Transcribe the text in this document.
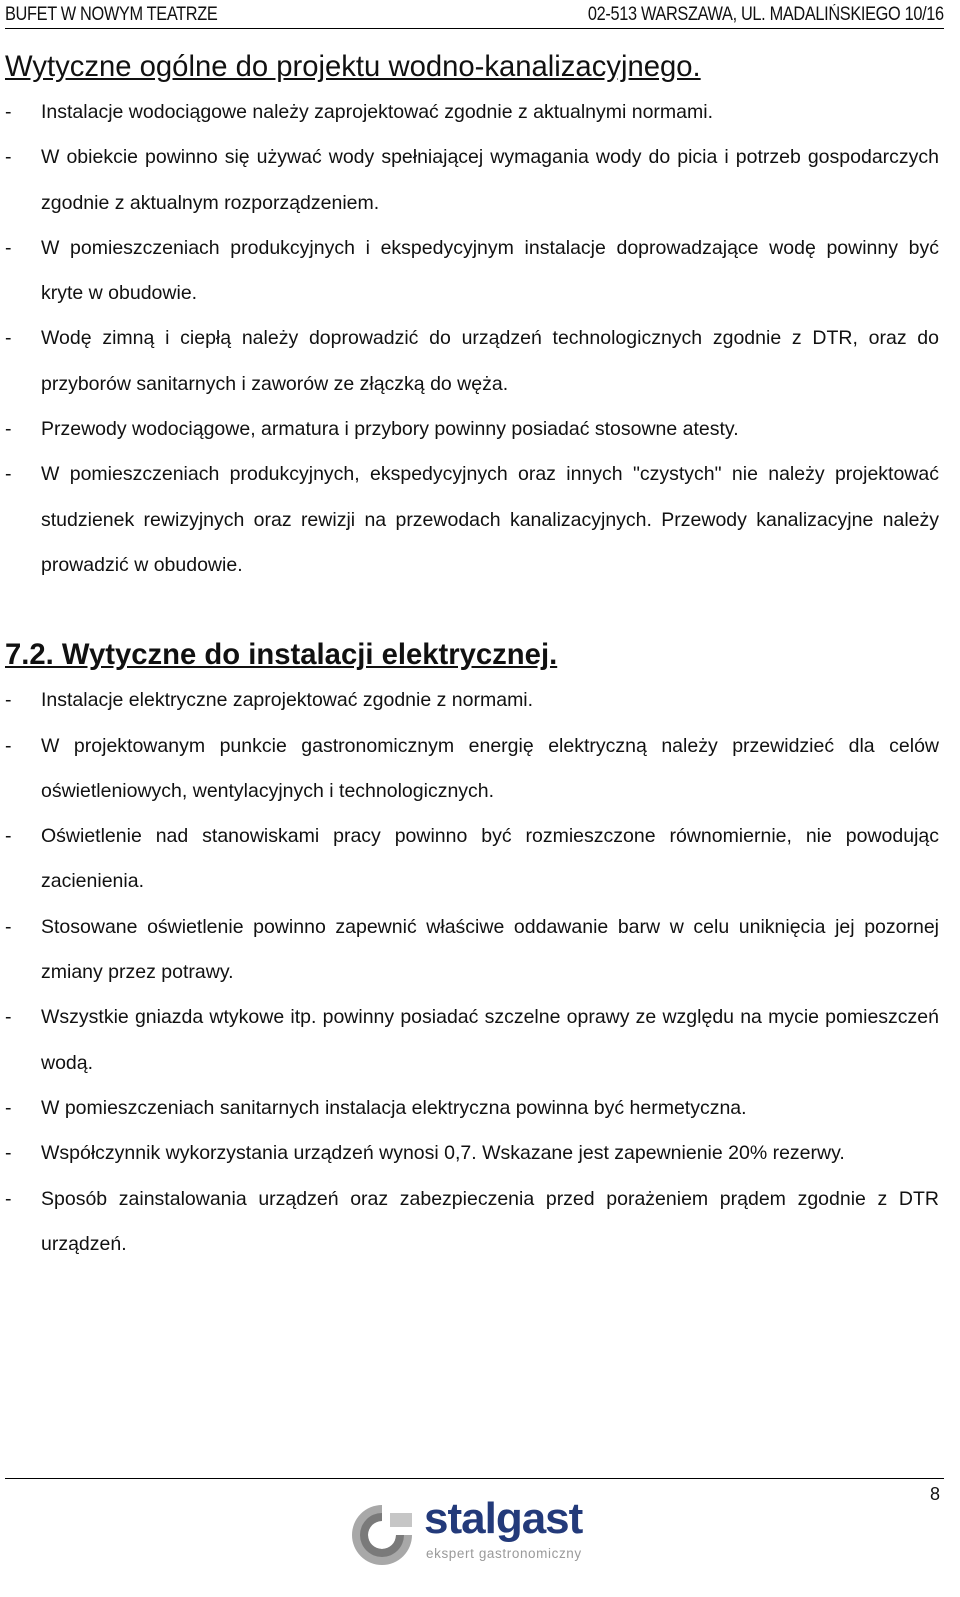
BUFET W NOWYM TEATRZE	02-513 WARSZAWA, UL. MADALIŃSKIEGO 10/16
Wytyczne ogólne do projektu wodno-kanalizacyjnego.
- Instalacje wodociągowe należy zaprojektować zgodnie z aktualnymi normami.
- W obiekcie powinno się używać wody spełniającej wymagania wody do picia i potrzeb gospodarczych zgodnie z aktualnym rozporządzeniem.
- W pomieszczeniach produkcyjnych i ekspedycyjnym instalacje doprowadzające wodę powinny być kryte w obudowie.
- Wodę zimną i ciepłą należy doprowadzić do urządzeń technologicznych zgodnie z DTR, oraz do przyborów sanitarnych i zaworów ze złączką do węża.
- Przewody wodociągowe, armatura i przybory powinny posiadać stosowne atesty.
- W pomieszczeniach produkcyjnych, ekspedycyjnych oraz innych "czystych" nie należy projektować studzienek rewizyjnych oraz rewizji na przewodach kanalizacyjnych. Przewody kanalizacyjne należy prowadzić w obudowie.
7.2. Wytyczne do instalacji elektrycznej.
- Instalacje elektryczne zaprojektować zgodnie z normami.
- W projektowanym punkcie gastronomicznym energię elektryczną należy przewidzieć dla celów oświetleniowych, wentylacyjnych i technologicznych.
- Oświetlenie nad stanowiskami pracy powinno być rozmieszczone równomiernie, nie powodując zacienienia.
- Stosowane oświetlenie powinno zapewnić właściwe oddawanie barw w celu uniknięcia jej pozornej zmiany przez potrawy.
- Wszystkie gniazda wtykowe itp. powinny posiadać szczelne oprawy ze względu na mycie pomieszczeń wodą.
- W pomieszczeniach sanitarnych instalacja elektryczna powinna być hermetyczna.
- Współczynnik wykorzystania urządzeń wynosi 0,7. Wskazane jest zapewnienie 20% rezerwy.
- Sposób zainstalowania urządzeń oraz zabezpieczenia przed porażeniem prądem zgodnie z DTR urządzeń.
8
stalgast
ekspert gastronomiczny
